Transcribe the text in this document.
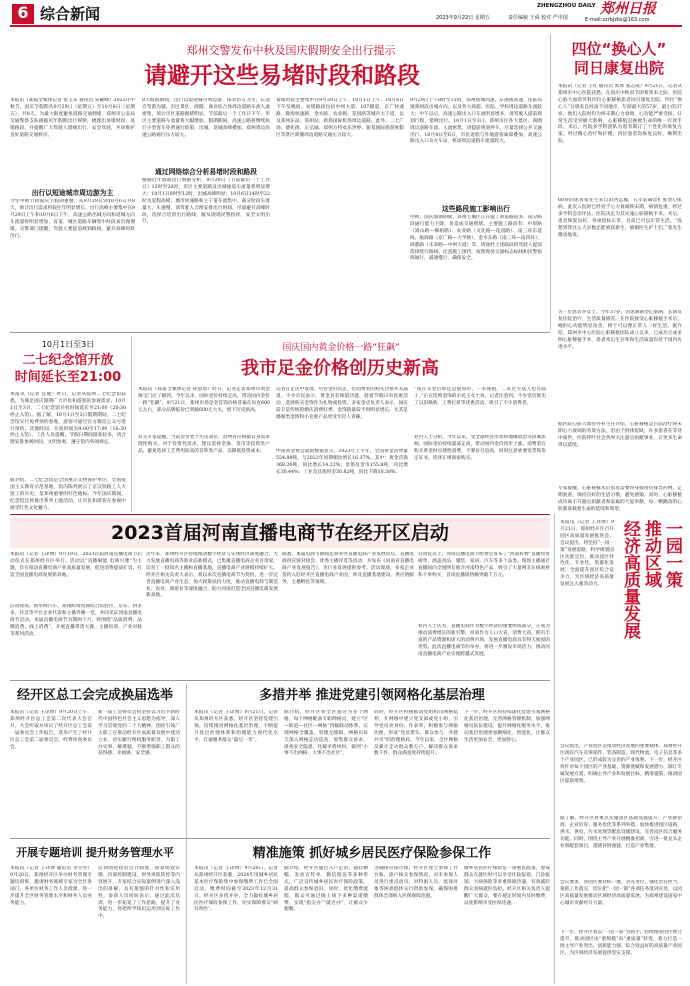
6 综合新闻	2023年9月22日 星期五	责任编辑 王舜 校对 严中国
ZHENGZHOU DAILY 郑州日报
E-mail:zzrbjzbs@163.com
郑州交警发布中秋及国庆假期安全出行提示
请避开这些易堵时段和路段
本报讯（郑报全媒体记者 张玉东 通讯员 宋耀峰）2023年中秋节、国庆节假期从9月29日（星期五）至10月6日（星期五），共8天。为最大限度避免道路交通拥堵，郑州市公安局交通警察支队根据近年假期出行规律，梳理出易堵时段、易堵路段，并提醒广大驾驶人错峰出行、安全驾驶，共同维护良好道路交通秩序。
出行以短途城市周边游为主
今年中秋节和国庆节假期重叠，从9月29日到10月6日共8天，预计出行需求将较往年明显增长。出行高峰主要集中在9月29日上午和10月6日下午，高速公路出城方向和返城方向车流量将明显增加，省道、城区道路车辆集中时段易出现拥堵。交警部门提醒，驾驶人要提前规划路线，避开高峰时段出行。
8天假期期间，出行以短途城市周边游、探亲访友为主，长途自驾游为辅。市区景区、商圈、商业综合体周边道路车流人流密集，预计市区道路拥堵明显。节前最后一个工作日下午，市区主要道路车流量将大幅增加。假期期间，高速公路将继续执行小型客车免费通行政策，出城、返城高峰叠加，郑州周边高速公路通行压力较大。
通过网络综合分析易堵时段和路段
根据近年假期出行数据分析，9月29日（节前最后一个工作日）12时至20时，市区主要道路及出城通道车流量将明显增大；10月1日8时至12时，出城高峰明显；10月6日14时至22时为返程高峰，城市快速路和主干道车流集中。部分时段车流量大、车速慢，请驾驶人合理安排出行时间，尽量避开高峰时段，选择合适的出行路线，服从现场民警指挥，安全文明出行。
易堵时段主要集中在9月29日上午、10月1日上午、10月6日下午及晚间。易堵路段包括中州大道、107辅道、京广快速路、陇海快速路、金水路、农业路、花园路等城市主干道，以及郑州东站、郑州站、新郑国际机场周边道路。此外，二七广场、德化街、正弘城、郑州方特欢乐世界、银基国际旅游度假区等景区商圈周边道路交通压力较大。
9月29日上午8时至13时，郑州绕城高速、京港澳高速、连霍高速郑州段出城方向，以及各大商超、医院、学校周边道路车流较大；中午以后，高速公路出入口车流明显增多，请驾驶人提前规划行程，错峰出行。10月1日至3日，郑州市区各大景区、商圈周边道路车流、人流密集，请提前规划停车，尽量选择公共交通出行。10月4日至6日，市民返程与外地游客离郑叠加，高速公路出入口及火车站、机场周边道路车流量较大。
这些路段施工影响出行
中秋、国庆假期期间，郑州主城区正在施工的道路较多，部分路段通行能力下降，易造成交通拥堵。主要施工路段有：中原路（嵩山路—桐柏路）、农业路（文化路—花园路）、南三环东延线、航海路（京广路—大学路）、金水东路（南三环—南四环）、商都路（未来路—中州大道）等。请途经上述路段的驾驶人提前选择绕行路线，注意施工围挡，按照现场交通标志标线和民警指挥通行，减速慢行，确保安全。
四位“换心人”
同日康复出院
本报讯（记者 王红 通讯员 郭冰 张志成）9月21日，记者从郑州市中心医院获悉，在国庆中秋双节即将到来之际，医院心脏大血管外科四位心脏移植患者同日康复出院。四位“换心人”分别来自河南不同地市，年龄最大的57岁，最小的37岁。他们入院时均为终末期心力衰竭，心功能严重受损，日常生活受到极大影响，心脏移植是挽救生命的唯一有效手段。术后，医院多学科团队为患者制订了个性化的康复方案，经过精心治疗和护理，四位患者均恢复良好，顺利出院。
68岁的患者张先生来自山西运城，五年前确诊扩张型心肌病，此次入院时已经处于心力衰竭终末期，病情危重。经过多学科会诊评估，医院决定为其实施心脏移植手术。术后，患者恢复良好，各项指标正常，目前已可以正常生活。“没想到我这么大岁数还能重获新生，感谢医生护士们。”张先生激动地说。
另一位患者李女士，今年37岁，因患限制型心肌病，长期反复住院治疗，生活质量极差。在医院接受心脏移植手术后，她的心功能明显改善，终于可以像正常人一样生活。据介绍，郑州市中心医院心脏移植团队成立以来，已成功完成多例心脏移植手术，患者术后生存率和生活质量均处于国内先进水平。
据医院心脏大血管外科主任介绍，心脏移植是目前治疗终末期心力衰竭的有效方法，但由于供体短缺，许多患者在等待中离世。医院呼吁社会各界关注器官捐献事业，让更多生命得以延续。
专家提醒，心脏移植术后患者需要终身服用抗排异药物，定期复查，保持良好的生活习惯，避免感染。同时，心脏移植成功离不开器官捐献者和家属的大爱奉献，每一颗跳动的心脏都承载着生命的延续和希望。
10月1日至3日
二七纪念馆开放
时间延长至21:00
本报讯（记者 孔鹿）昨日，记者从郑州二七纪念馆获悉，为满足国庆假期广大市民和游客的参观需求，10月1日至3日，二七纪念馆开放时间延长至21:00（20:30停止入馆）。据了解，10月1日至3日假期期间，二七纪念馆实行免费预约参观，游客可通过官方微信公众号进行预约。其他时间，开放时间为9:00至17:00（16:30停止入馆）。工作人员提醒，节假日期间游客较多，请合理安排参观时间，文明参观，遵守馆内各项规定。
据介绍，二七纪念馆是全国重点文物保护单位、全国爱国主义教育示范基地，馆内陈列展示了京汉铁路工人大罢工的历史，是郑州重要的红色地标。今年国庆期间，纪念馆还将推出系列主题活动，让市民和游客在参观中感受红色文化魅力。
国庆国内黄金价格一路“狂飙”
我市足金价格创历史新高
本报讯（郑报全媒体记者 孙思琦）昨日，记者走访郑州市黄金珠宝门店了解到，今年以来，国际金价持续走高，带动国内金价一路“狂飙”。9月21日，郑州市场足金首饰价格普遍在每克600元左右，部分品牌报价已突破600元大关，创下历史新高。
有关专家提醒，当前金价处于历史高位，消费者应根据自身需求理性购买。对于投资性需求，建议选择金条、金币等投资类产品，避免选择工艺费用较高的首饰类产品，以降低投资成本。
记者在走访中发现，尽管金价高企，但消费者的购买热情并未减退。不少市民表示，黄金具有保值功能，趁着节假日有优惠活动，选择购买金饰作为礼物或投资。多家金店负责人表示，国庆前夕是传统的婚庆消费旺季，金饰销量较平时明显增长，尤其是婚嫁类金饰和小克重产品更受年轻人青睐。
中国黄金协会最新数据显示，2023年上半年，全国黄金消费量554.88吨，与2022年同期相比增长16.37%。其中：黄金首饰368.26吨，同比增长14.22%；金条及金币155.8吨，同比增长30.44%；工业及其他用金30.82吨，同比下降10.38%。
“现在买金首饰还是值得的，一来保值，二来过节送人也有面子。”正在选购金饰的市民王女士说。记者注意到，不少金店推出了以旧换新、工费打折等优惠活动，吸引了不少消费者。
业内人士分析，今年以来，受全球经济形势和地缘政治等因素影响，国际金价持续震荡走高，带动国内金价同步上涨。消费者在购买黄金时应理性消费，不要盲目追高，同时注意索要发票和鉴定证书，选择正规商家购买。
2023首届河南直播电商节在经开区启动
本报讯（记者 王译博）9月19日，2023首届河南直播电商节启动仪式在郑州经开区举行。活动以“直播赋能 电商兴豫”为主题，旨在推动直播电商产业高质量发展，促进消费提质扩容，打造全国直播电商发展新高地。
活动现场，新华网汽车、郑州跨境电商综合试验区、京东、拼多多、抖音等平台企业代表和主播齐聚一堂，共同见证河南直播电商节启动。本届直播电商节为期两个月，将围绕“品质消费、品牌消费、线上消费”，开展直播带货大赛、主播培训、产业对接等系列活动。
近年来，郑州经开区持续推动数字经济与实体经济深度融合，大力发展直播电商等新业态新模式，已集聚直播电商企业百余家，培育了一批知名主播和直播基地，直播电商产业规模持续扩大。经开区相关负责人表示，将以本次直播电商节为契机，进一步完善直播电商产业生态，加大政策扶持力度，推动直播电商与制造业、农业、商贸业等深度融合，助力河南打造全国直播电商发展新高地。
据悉，本届电商节期间还将举办直播电商产业发展论坛、直播电商供应链对接会、优秀主播评选等活动，并发布《河南省直播电商产业发展报告》，为行业发展提供参考。活动现场，多家企业签约入驻经开区直播电商产业园，涉及直播基地建设、供应链服务、主播孵化等领域。
启动仪式上，河南直播电商节组委会发布了“河南好物”直播带货榜单，涵盖食品、服装、家居、汽车等多个品类。现场主播通过直播间向全国网友推介河南特色产品，吸引了大量网友在线观看和下单购买，首场直播销售额突破千万元。
业内人士认为，直播电商作为数字经济的重要组成部分，正成为推动消费增长的新引擎。河南作为人口大省、消费大省，拥有丰富的产品资源和庞大的消费市场，发展直播电商具有得天独厚的优势。此次直播电商节的举办，将进一步激发市场活力，推动河南直播电商产业实现跨越式发展。
本报讯（记者 王译博）9月21日，郑州经开区召开园区高质量发展推进会。会议提出，将坚持“一园一策”发展思路，科学规划园区功能定位，推动园区特色化、专业化、集群化发展，全面提升园区综合竞争力，为区域经济高质量发展注入强劲动力。	一园一策
推动区域
经济高质量发展
会议指出，产业园区是推动经济发展的重要载体。郑州经开区现有汽车及零部件、装备制造、现代物流、电子信息等多个产业园区，已形成较为完善的产业体系。下一步，经开区将针对每个园区的产业基础、资源禀赋和发展潜力，制订专属发展方案，明确主导产业和发展目标，精准施策，推动园区提质增效。
据了解，经开区将重点实施园区基础设施提升、产业链招商、企业培育、服务优化等系列举措，加快推进园区道路、供水、供电、污水处理等配套设施建设，完善园区综合服务功能。同时，围绕主导产业开展精准招商，引进一批龙头企业和配套项目，延链补链强链，打造产业集群。
会议要求，各园区要对标一流、争先进位，强化责任担当，狠抓工作落实，切实把“一园一策”各项任务落到实处，以园区高质量发展推动区域经济高质量发展，为郑州建设国家中心城市贡献经开力量。
下一步，经开区将以“一园一策”为抓手，持续推进园区整合提升，推动园区由“重规模”向“重质量”转变，着力打造一批主导产业突出、创新能力强、综合效益好的高质量产业园区，为区域经济发展提供坚实支撑。
经开区总工会完成换届选举
本报讯（记者 王译博）9月20日上午，郑州经开区总工会第二次代表大会召开。大会听取并审议了经开区总工会第一届委员会工作报告，选举产生了经开区总工会第二届委员会、经费审查委员会。
新一届工会委员会将坚持以习近平新时代中国特色社会主义思想为指导，深入学习贯彻党的二十大精神，团结引领广大职工在推动经开区高质量发展中建功立业，切实履行维权服务职责，为职工办实事、解难题，不断增强职工群众的获得感、幸福感、安全感。
多措并举 推进党建引领网格化基层治理
本报讯（记者 王译博）9月21日，记者从郑州经开区获悉，经开区坚持党建引领，持续推进网格化基层治理，不断提升基层治理体系和治理能力现代化水平，打通服务群众“最后一米”。
据介绍，经开区将全区划分为多个网格，每个网格配备专职网格员，建立“区—街道—社区—网格”四级联动体系，实现网格全覆盖、管理无缝隙。网格员每天深入网格走访巡查，收集群众诉求，排查安全隐患，化解矛盾纠纷，做到“小事不出网格、大事不出社区”。
同时，经开区积极推动党组织向网格延伸，在网格中建立党支部或党小组，引导党员亮身份、作表率，积极参与网格治理，形成“党员带头、群众参与、共建共享”的治理格局。今年以来，全区网格员累计走访群众数万户，解决群众诉求数千件，群众满意度持续提升。
下一步，经开区将持续深化党建引领网格化基层治理，完善网格管理机制，加强网格员队伍建设，提升网格化服务水平，推动基层治理更加精细化、智能化，让群众生活更加安全、更加舒心。
开展专题培训 提升财务管理水平
本报讯（记者 王译博 通讯员 李雪琴）9月20日，郑州经开区举办财务管理专题培训班，邀请财务领域专家为全区各部门、各单位财务工作人员授课，进一步提升全区财务管理水平和财务人员业务能力。
培训围绕政府会计制度、预算绩效管理、内部控制建设、财务风险防控等内容展开，专家结合实际案例进行深入浅出的讲解，具有很强的针对性和实用性。参训人员纷纷表示，通过此次培训，进一步拓宽了工作思路，提升了业务能力，将把所学知识运用到实际工作中。
精准施策 抓好城乡居民医疗保险参保工作
本报讯（记者 王译博）9月20日，记者从郑州经开区获悉，2024年度城乡居民基本医疗保险集中参保缴费工作已全面启动，缴费时间截至2023年12月31日。经开区多措并举，全力做好城乡居民医疗保险参保工作，切实保障群众“病有所医”。
据介绍，经开区通过入户走访、悬挂横幅、发放宣传单、微信推送等多种形式，广泛宣传城乡居民医疗保险政策，提高群众参保意识。同时，优化缴费流程，群众可通过线上线下多种渠道缴费，实现“指尖办”“就近办”，让群众少跑腿。
为确保应保尽保，经开区建立参保工作台账，逐户核实参保情况，对未参保人员进行重点动员，对特困人员、低保对象等困难群体实行资助参保，确保困难群体全部纳入医保保障范围。
城乡居民医疗保险是一项惠民政策，参保群众在就医时可以享受住院报销、门诊报销、大病保险等多重保障待遇，有效减轻群众看病就医负担。经开区相关负责人提醒广大群众，要在规定时间内及时缴费，以免影响享受医保待遇。
